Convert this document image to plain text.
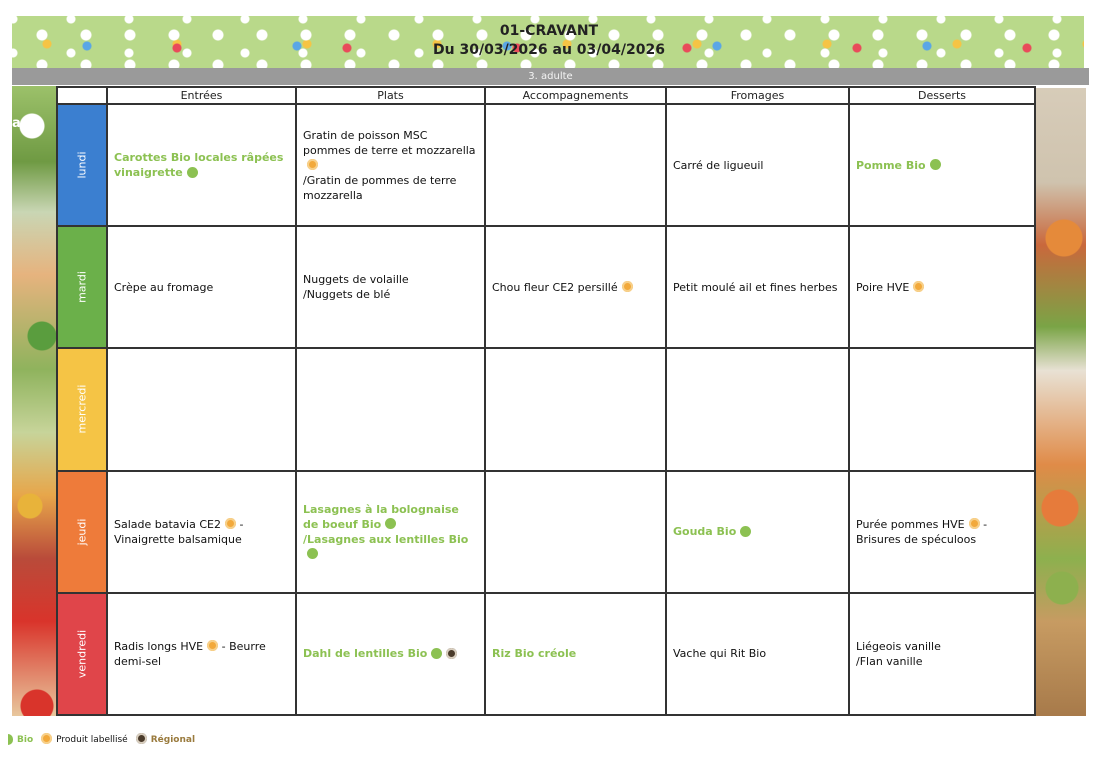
01-CRAVANT
Du 30/03/2026 au 03/04/2026
3. adulte
api
	Entrées	Plats	Accompagnements	Fromages	Desserts

lundi	Carottes Bio locales râpées vinaigrette	Gratin de poisson MSC pommes de terre et mozzarella
/Gratin de pommes de terre mozzarella		Carré de ligueuil	Pomme Bio

mardi	Crèpe au fromage	Nuggets de volaille
/Nuggets de blé	Chou fleur CE2 persillé	Petit moulé ail et fines herbes	Poire HVE

mercredi					

jeudi	Salade batavia CE2 - Vinaigrette balsamique	Lasagnes à la bolognaise de boeuf Bio
/Lasagnes aux lentilles Bio		Gouda Bio	Purée pommes HVE - Brisures de spéculoos

vendredi	Radis longs HVE - Beurre demi-sel	Dahl de lentilles Bio	Riz Bio créole	Vache qui Rit Bio	Liégeois vanille
/Flan vanille
Bio	Produit labellisé	Régional
